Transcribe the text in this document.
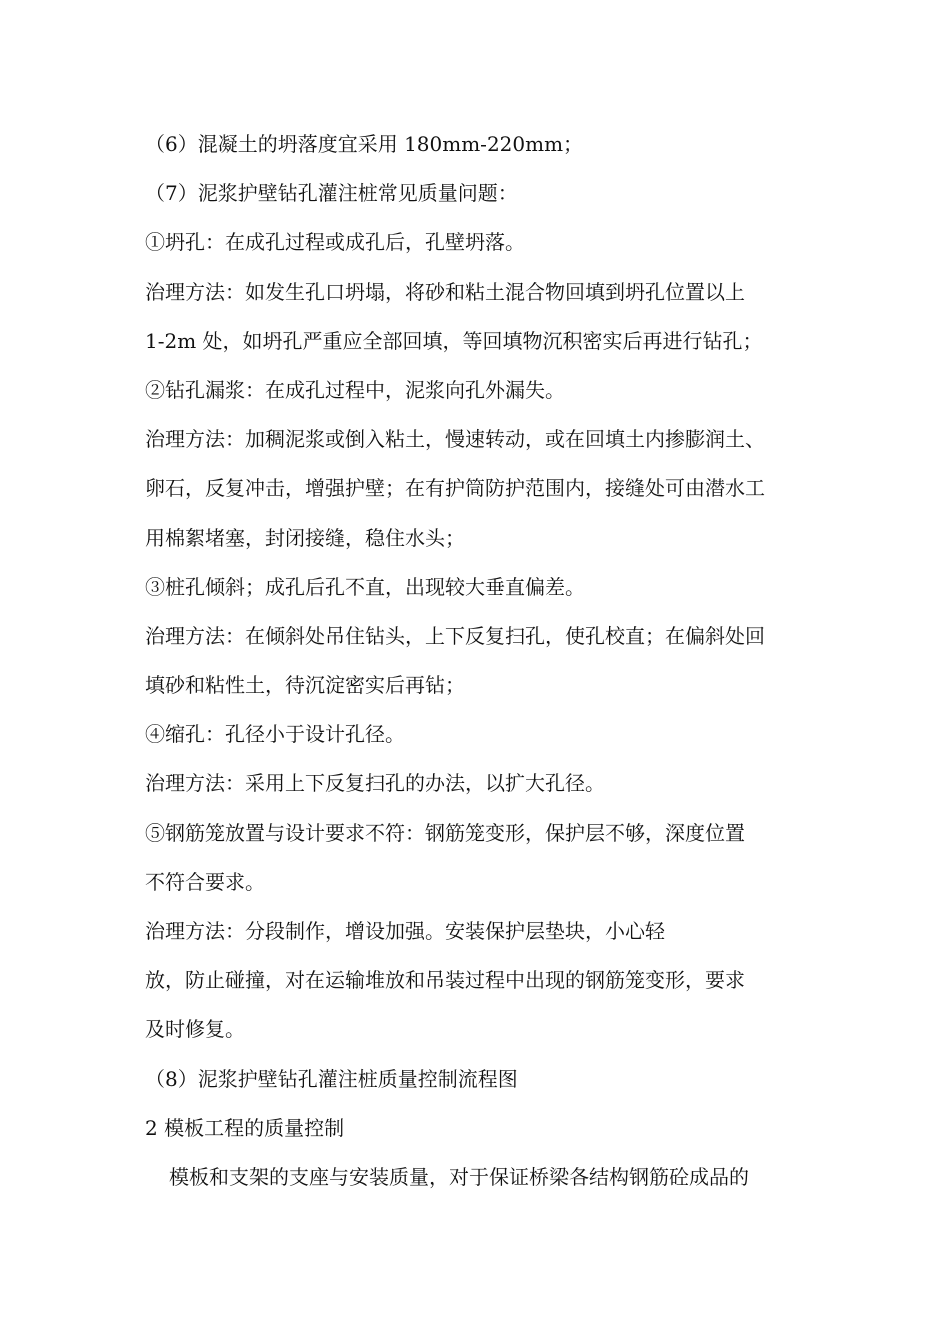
（6）混凝土的坍落度宜采用 180mm-220mm；
（7）泥浆护壁钻孔灌注桩常见质量问题：
①坍孔：在成孔过程或成孔后，孔壁坍落。
治理方法：如发生孔口坍塌，将砂和粘土混合物回填到坍孔位置以上
1-2m 处，如坍孔严重应全部回填，等回填物沉积密实后再进行钻孔；
②钻孔漏浆：在成孔过程中，泥浆向孔外漏失。
治理方法：加稠泥浆或倒入粘土，慢速转动，或在回填土内掺膨润土、
卵石，反复冲击，增强护壁；在有护筒防护范围内，接缝处可由潜水工
用棉絮堵塞，封闭接缝，稳住水头；
③桩孔倾斜；成孔后孔不直，出现较大垂直偏差。
治理方法：在倾斜处吊住钻头，上下反复扫孔，使孔校直；在偏斜处回
填砂和粘性土，待沉淀密实后再钻；
④缩孔：孔径小于设计孔径。
治理方法：采用上下反复扫孔的办法，以扩大孔径。
⑤钢筋笼放置与设计要求不符：钢筋笼变形，保护层不够，深度位置
不符合要求。
治理方法：分段制作，增设加强。安装保护层垫块，小心轻
放，防止碰撞，对在运输堆放和吊装过程中出现的钢筋笼变形，要求
及时修复。
（8）泥浆护壁钻孔灌注桩质量控制流程图
2 模板工程的质量控制
模板和支架的支座与安装质量，对于保证桥梁各结构钢筋砼成品的
